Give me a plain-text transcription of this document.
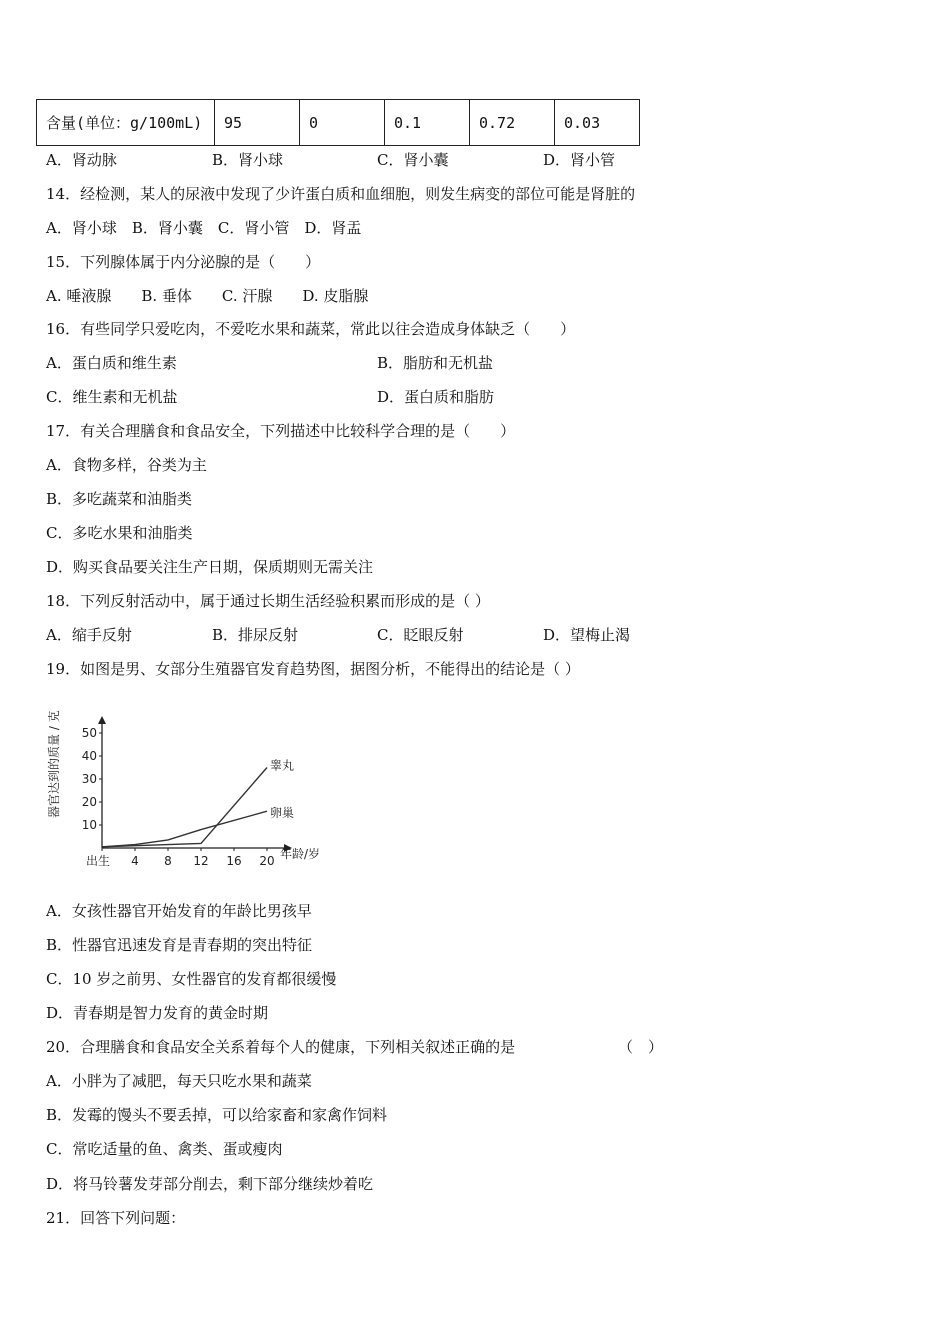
含量(单位：g/100mL)	95	0	0.1	0.72	0.03
A．肾动脉	B．肾小球	C．肾小囊	D．肾小管
14．经检测，某人的尿液中发现了少许蛋白质和血细胞，则发生病变的部位可能是肾脏的
A．肾小球　B．肾小囊　C．肾小管　D．肾盂
15．下列腺体属于内分泌腺的是（　　）
A. 唾液腺　　B. 垂体　　C. 汗腺　　D. 皮脂腺
16．有些同学只爱吃肉，不爱吃水果和蔬菜，常此以往会造成身体缺乏（　　）
A．蛋白质和维生素	B．脂肪和无机盐
C．维生素和无机盐	D．蛋白质和脂肪
17．有关合理膳食和食品安全，下列描述中比较科学合理的是（　　）
A．食物多样，谷类为主
B．多吃蔬菜和油脂类
C．多吃水果和油脂类
D．购买食品要关注生产日期，保质期则无需关注
18．下列反射活动中，属于通过长期生活经验积累而形成的是（ ）
A．缩手反射	B．排尿反射	C．眨眼反射	D．望梅止渴
19．如图是男、女部分生殖器官发育趋势图，据图分析，不能得出的结论是（ ）
10
20
30
40
50
出生 4 8 12 16 20
睾丸
卵巢
年龄/岁
器官达到的质量 / 克
A．女孩性器官开始发育的年龄比男孩早
B．性器官迅速发育是青春期的突出特征
C．10 岁之前男、女性器官的发育都很缓慢
D．青春期是智力发育的黄金时期
20．合理膳食和食品安全关系着每个人的健康，下列相关叙述正确的是	（　）
A．小胖为了减肥，每天只吃水果和蔬菜
B．发霉的馒头不要丢掉，可以给家畜和家禽作饲料
C．常吃适量的鱼、禽类、蛋或瘦肉
D．将马铃薯发芽部分削去，剩下部分继续炒着吃
21．回答下列问题：
